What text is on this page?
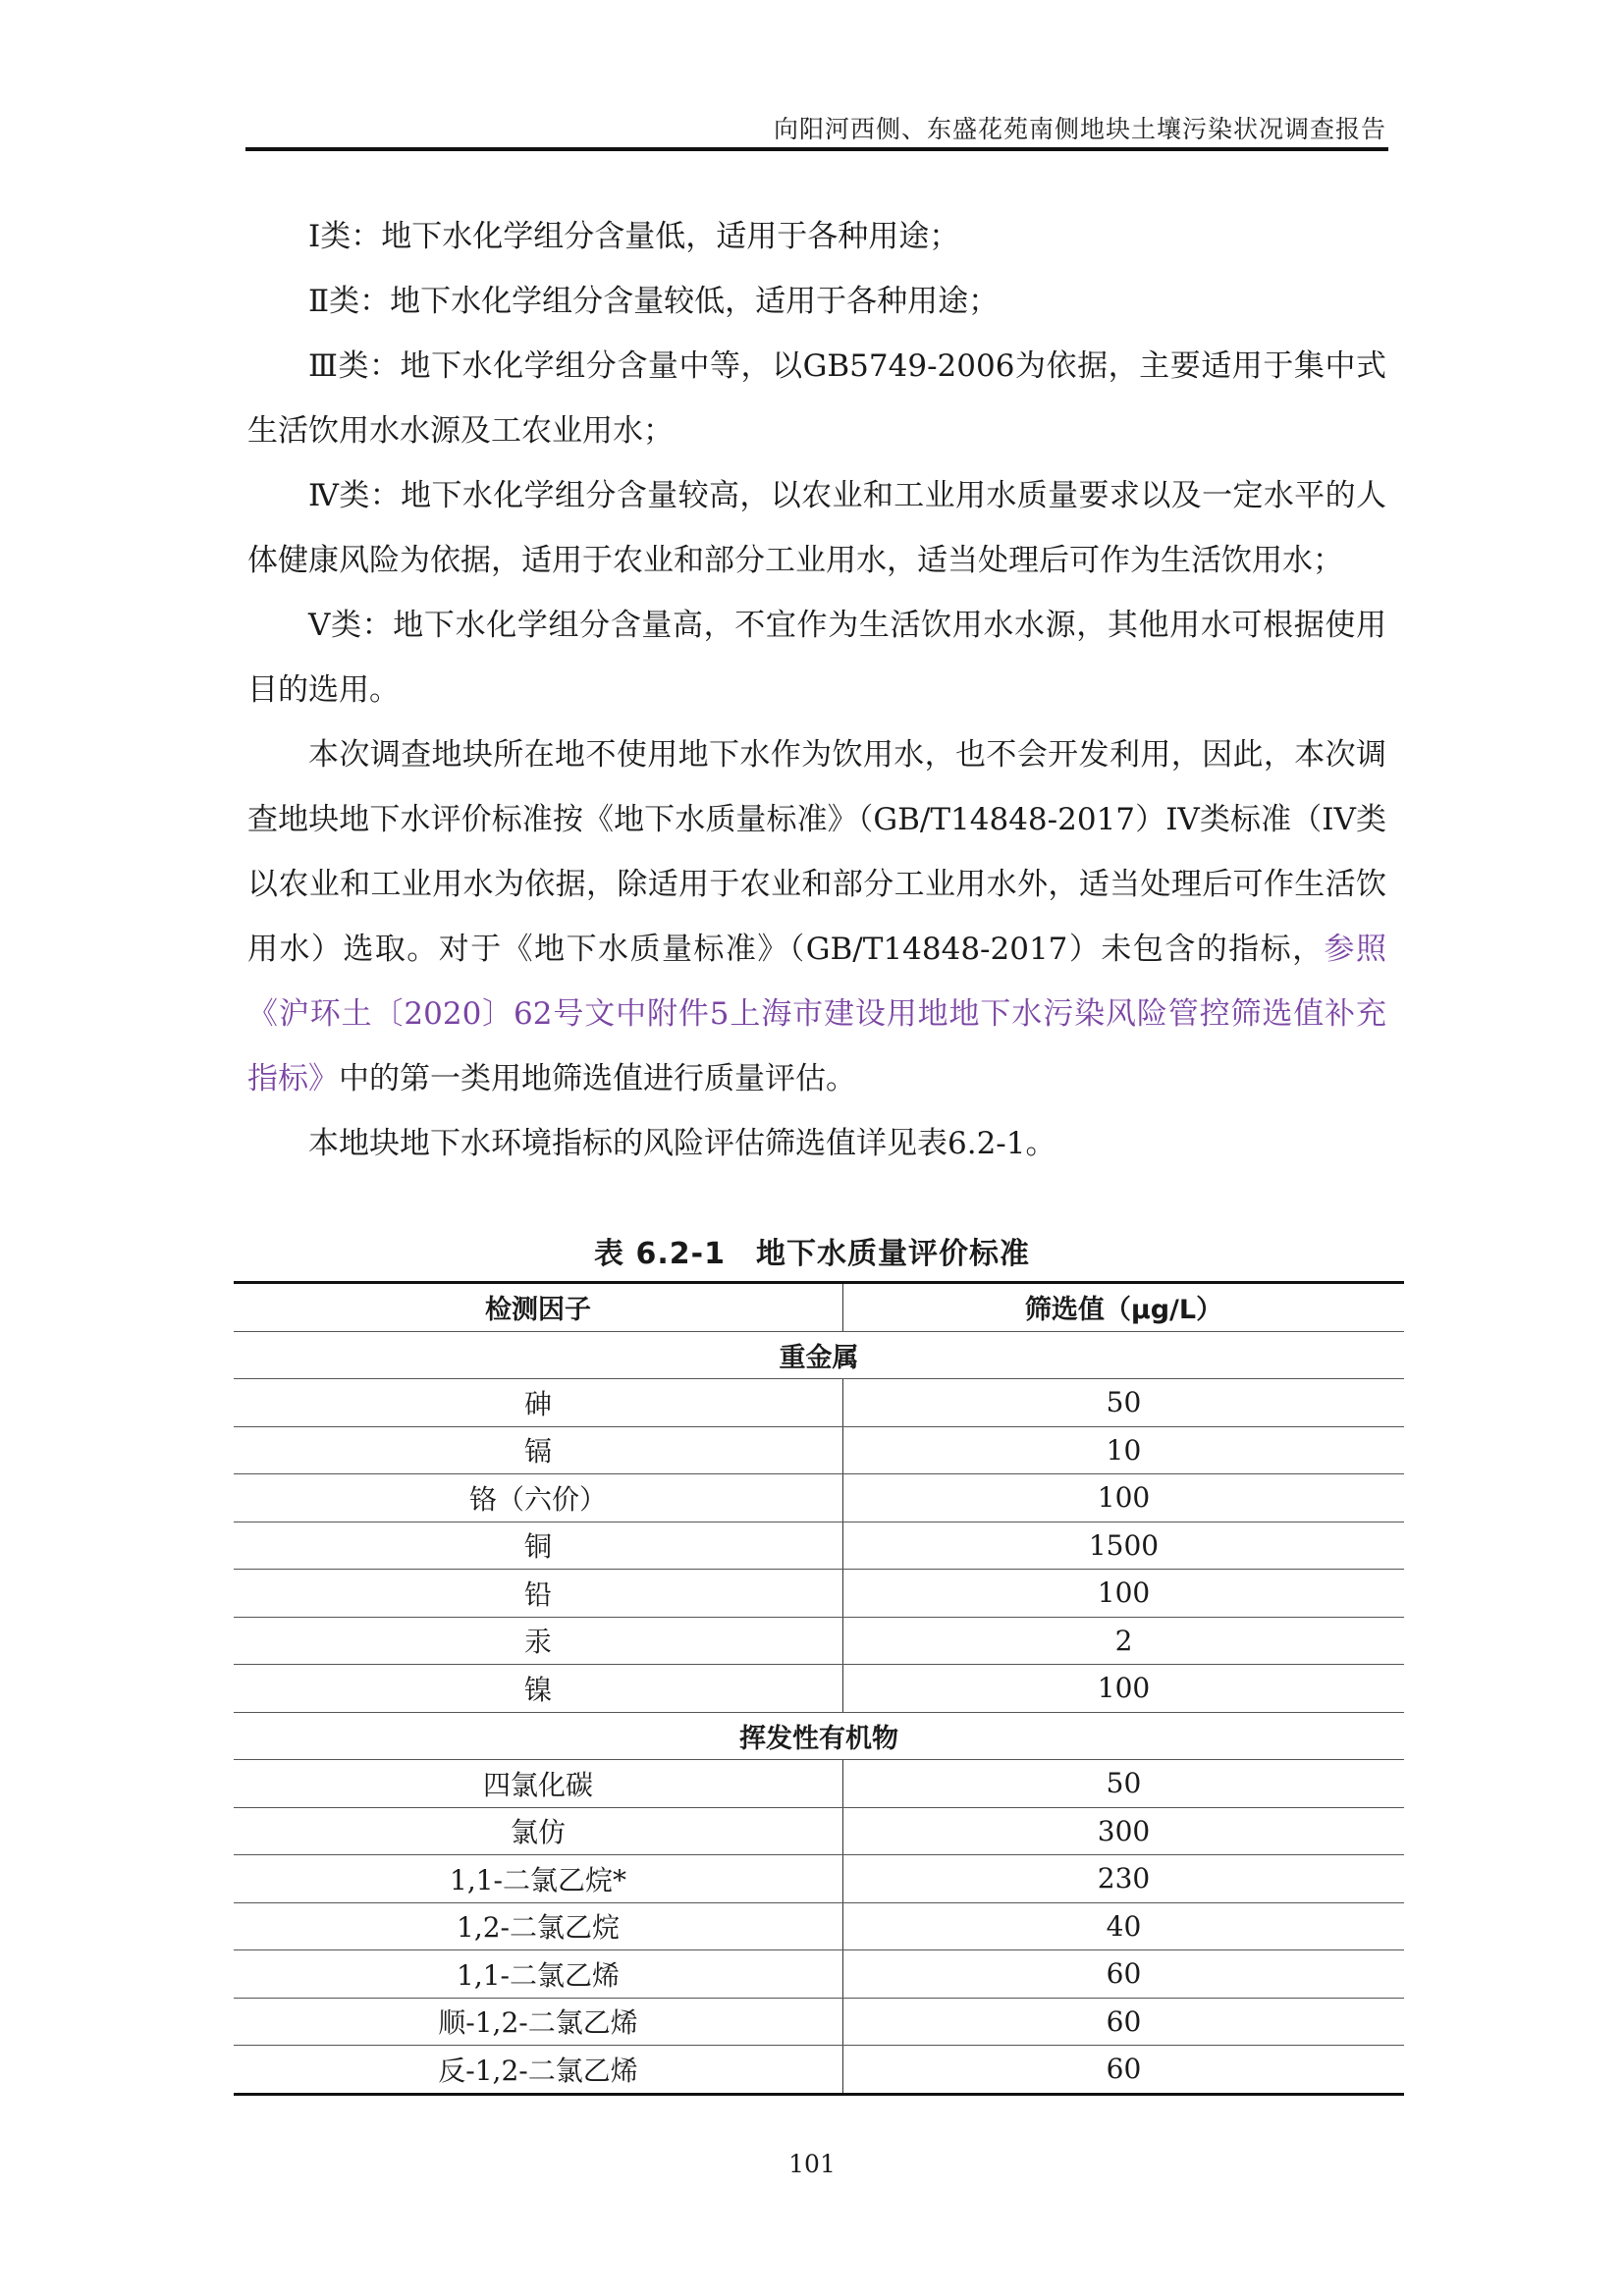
向阳河西侧、东盛花苑南侧地块土壤污染状况调查报告

Ⅰ类：地下水化学组分含量低，适用于各种用途；

Ⅱ类：地下水化学组分含量较低，适用于各种用途；

Ⅲ类：地下水化学组分含量中等，以GB5749-2006为依据，主要适用于集中式生活饮用水水源及工农业用水；

Ⅳ类：地下水化学组分含量较高，以农业和工业用水质量要求以及一定水平的人体健康风险为依据，适用于农业和部分工业用水，适当处理后可作为生活饮用水；

Ⅴ类：地下水化学组分含量高，不宜作为生活饮用水水源，其他用水可根据使用目的选用。

本次调查地块所在地不使用地下水作为饮用水，也不会开发利用，因此，本次调查地块地下水评价标准按《地下水质量标准》（GB/T14848-2017）IV类标准（IV类以农业和工业用水为依据，除适用于农业和部分工业用水外，适当处理后可作生活饮用水）选取。对于《地下水质量标准》（GB/T14848-2017）未包含的指标，参照《沪环土〔2020〕62号文中附件5上海市建设用地地下水污染风险管控筛选值补充指标》中的第一类用地筛选值进行质量评估。

本地块地下水环境指标的风险评估筛选值详见表6.2-1。

表 6.2-1　地下水质量评价标准
检测因子	筛选值（μg/L）
重金属	
砷	50
镉	10
铬（六价）	100
铜	1500
铅	100
汞	2
镍	100
挥发性有机物	
四氯化碳	50
氯仿	300
1,1-二氯乙烷*	230
1,2-二氯乙烷	40
1,1-二氯乙烯	60
顺-1,2-二氯乙烯	60
反-1,2-二氯乙烯	60
101
